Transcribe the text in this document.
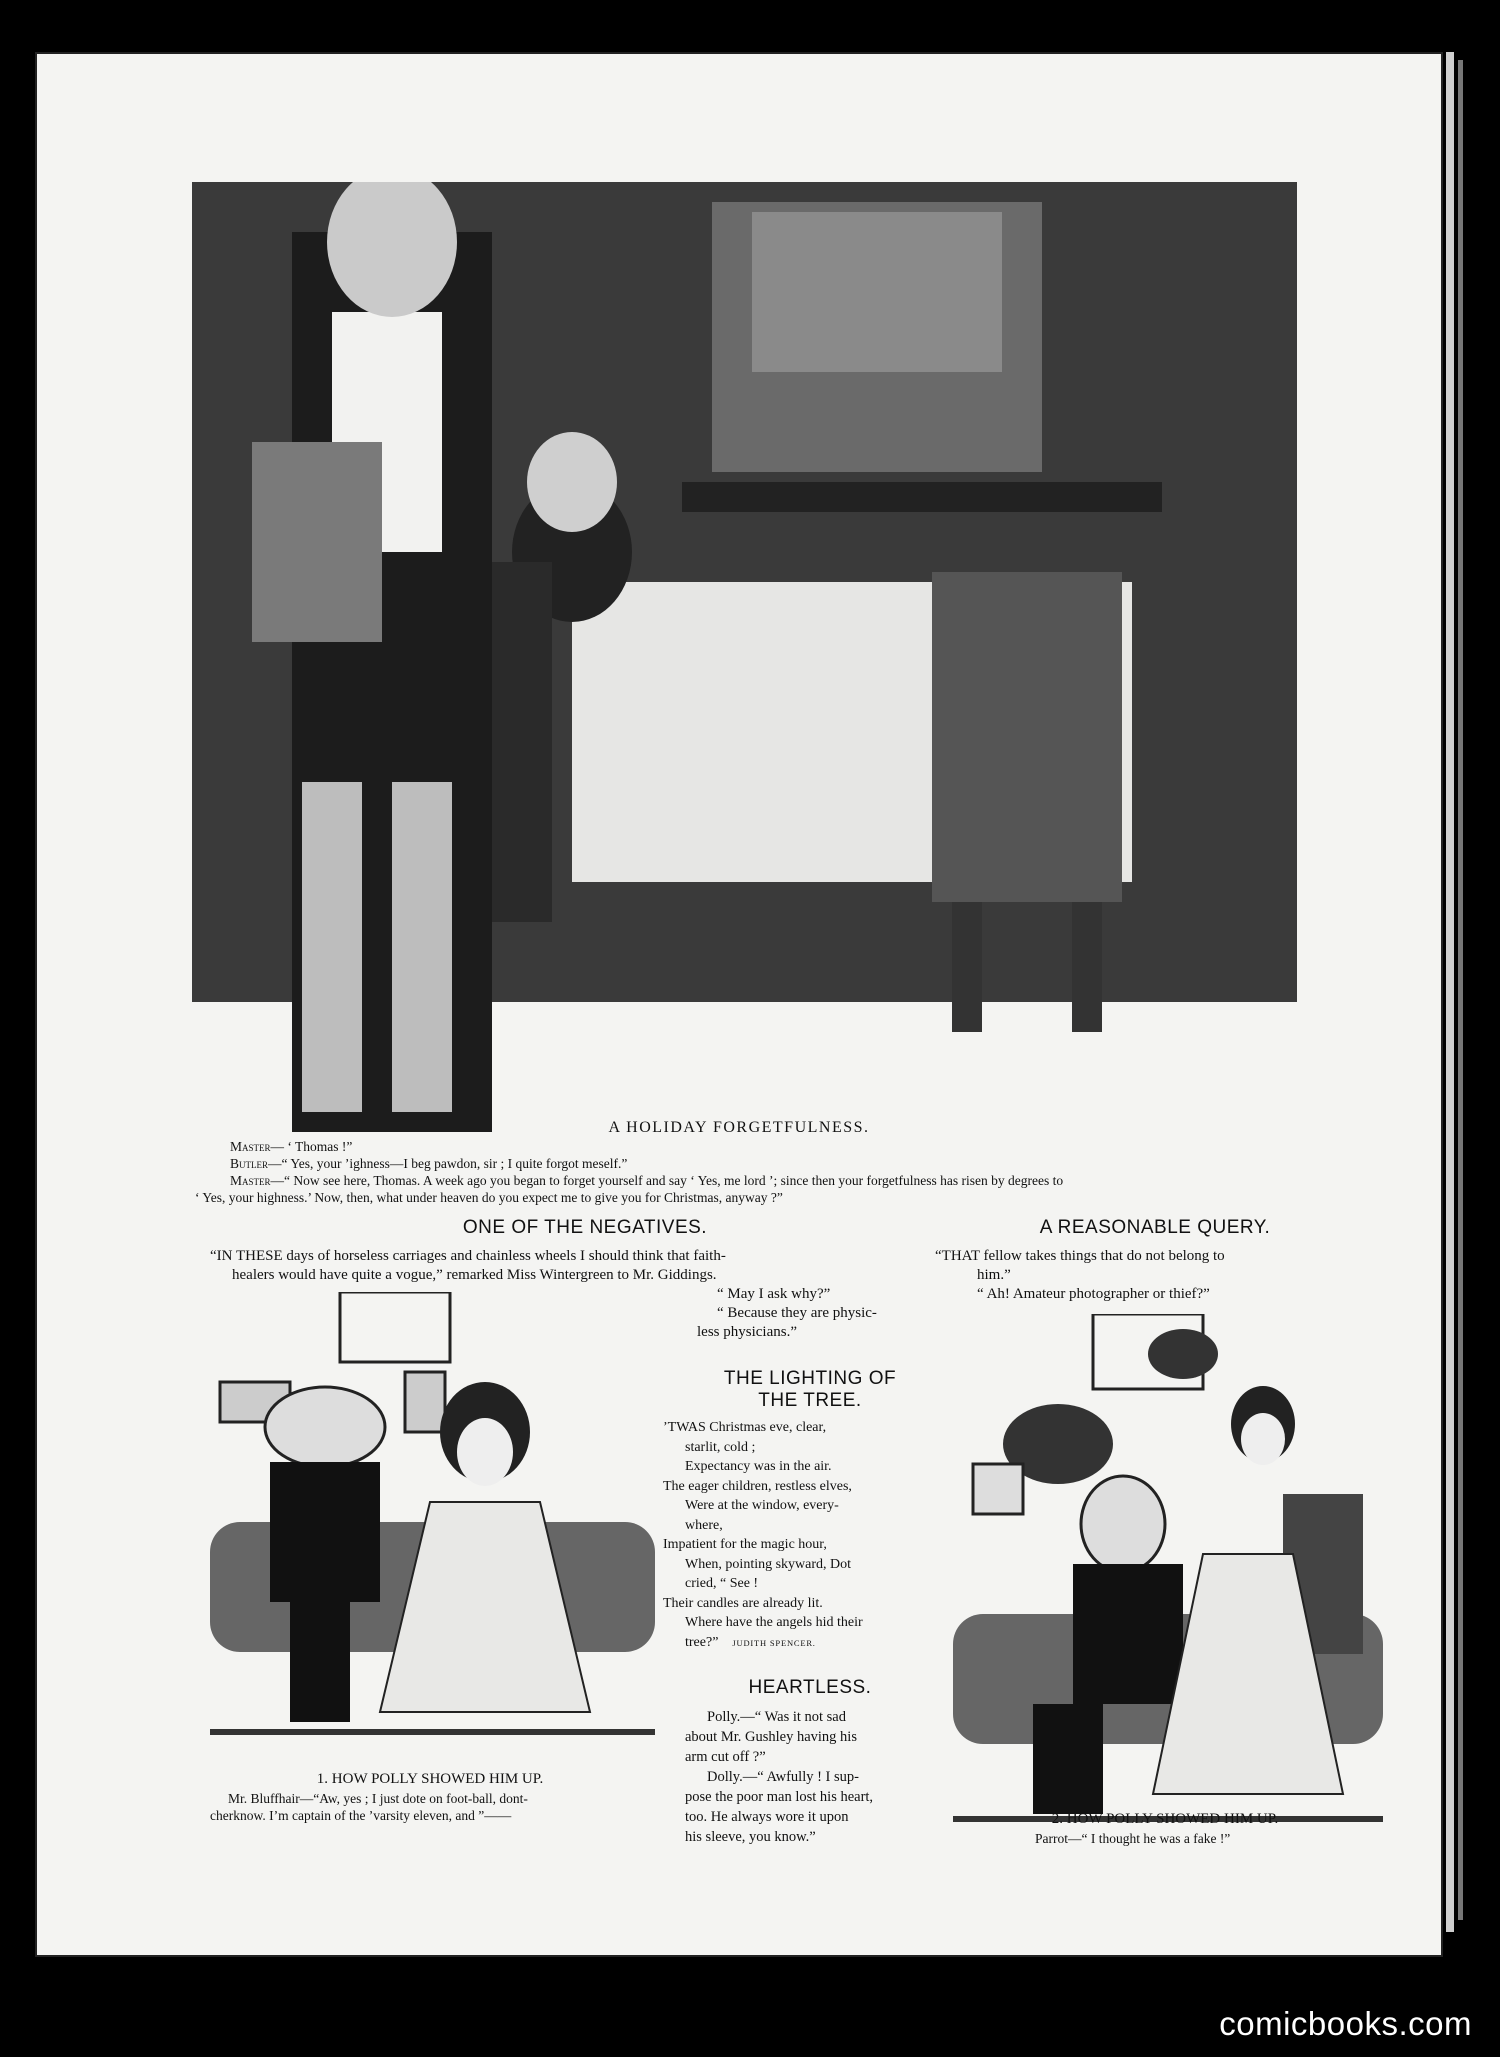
A HOLIDAY FORGETFULNESS.

Master— ‘ Thomas !”

Butler—“ Yes, your ’ighness—I beg pawdon, sir ; I quite forgot meself.”

Master—“ Now see here, Thomas. A week ago you began to forget yourself and say ‘ Yes, me lord ’; since then your forgetfulness has risen by degrees to

‘ Yes, your highness.’ Now, then, what under heaven do you expect me to give you for Christmas, anyway ?”

ONE OF THE NEGATIVES.

“IN THESE days of horseless carriages and chainless wheels I should think that faith-

healers would have quite a vogue,” remarked Miss Wintergreen to Mr. Giddings.

“ May I ask why?”

“ Because they are physic-

less physicians.”

A REASONABLE QUERY.

“THAT fellow takes things that do not belong to

him.”

“ Ah! Amateur photographer or thief?”

1. HOW POLLY SHOWED HIM UP.

Mr. Bluffhair—“Aw, yes ; I just dote on foot-ball, dont-

cherknow. I’m captain of the ’varsity eleven, and ”——

THE LIGHTING OF
THE TREE.

’TWAS Christmas eve, clear,

starlit, cold ;

Expectancy was in the air.

The eager children, restless elves,

Were at the window, every-

where,

Impatient for the magic hour,

When, pointing skyward, Dot

cried, “ See !

Their candles are already lit.

Where have the angels hid their

tree?” JUDITH SPENCER.

HEARTLESS.

Polly.—“ Was it not sad

about Mr. Gushley having his

arm cut off ?”

Dolly.—“ Awfully ! I sup-

pose the poor man lost his heart,

too. He always wore it upon

his sleeve, you know.”

2. HOW POLLY SHOWED HIM UP.

Parrot—“ I thought he was a fake !”

comicbooks.com
